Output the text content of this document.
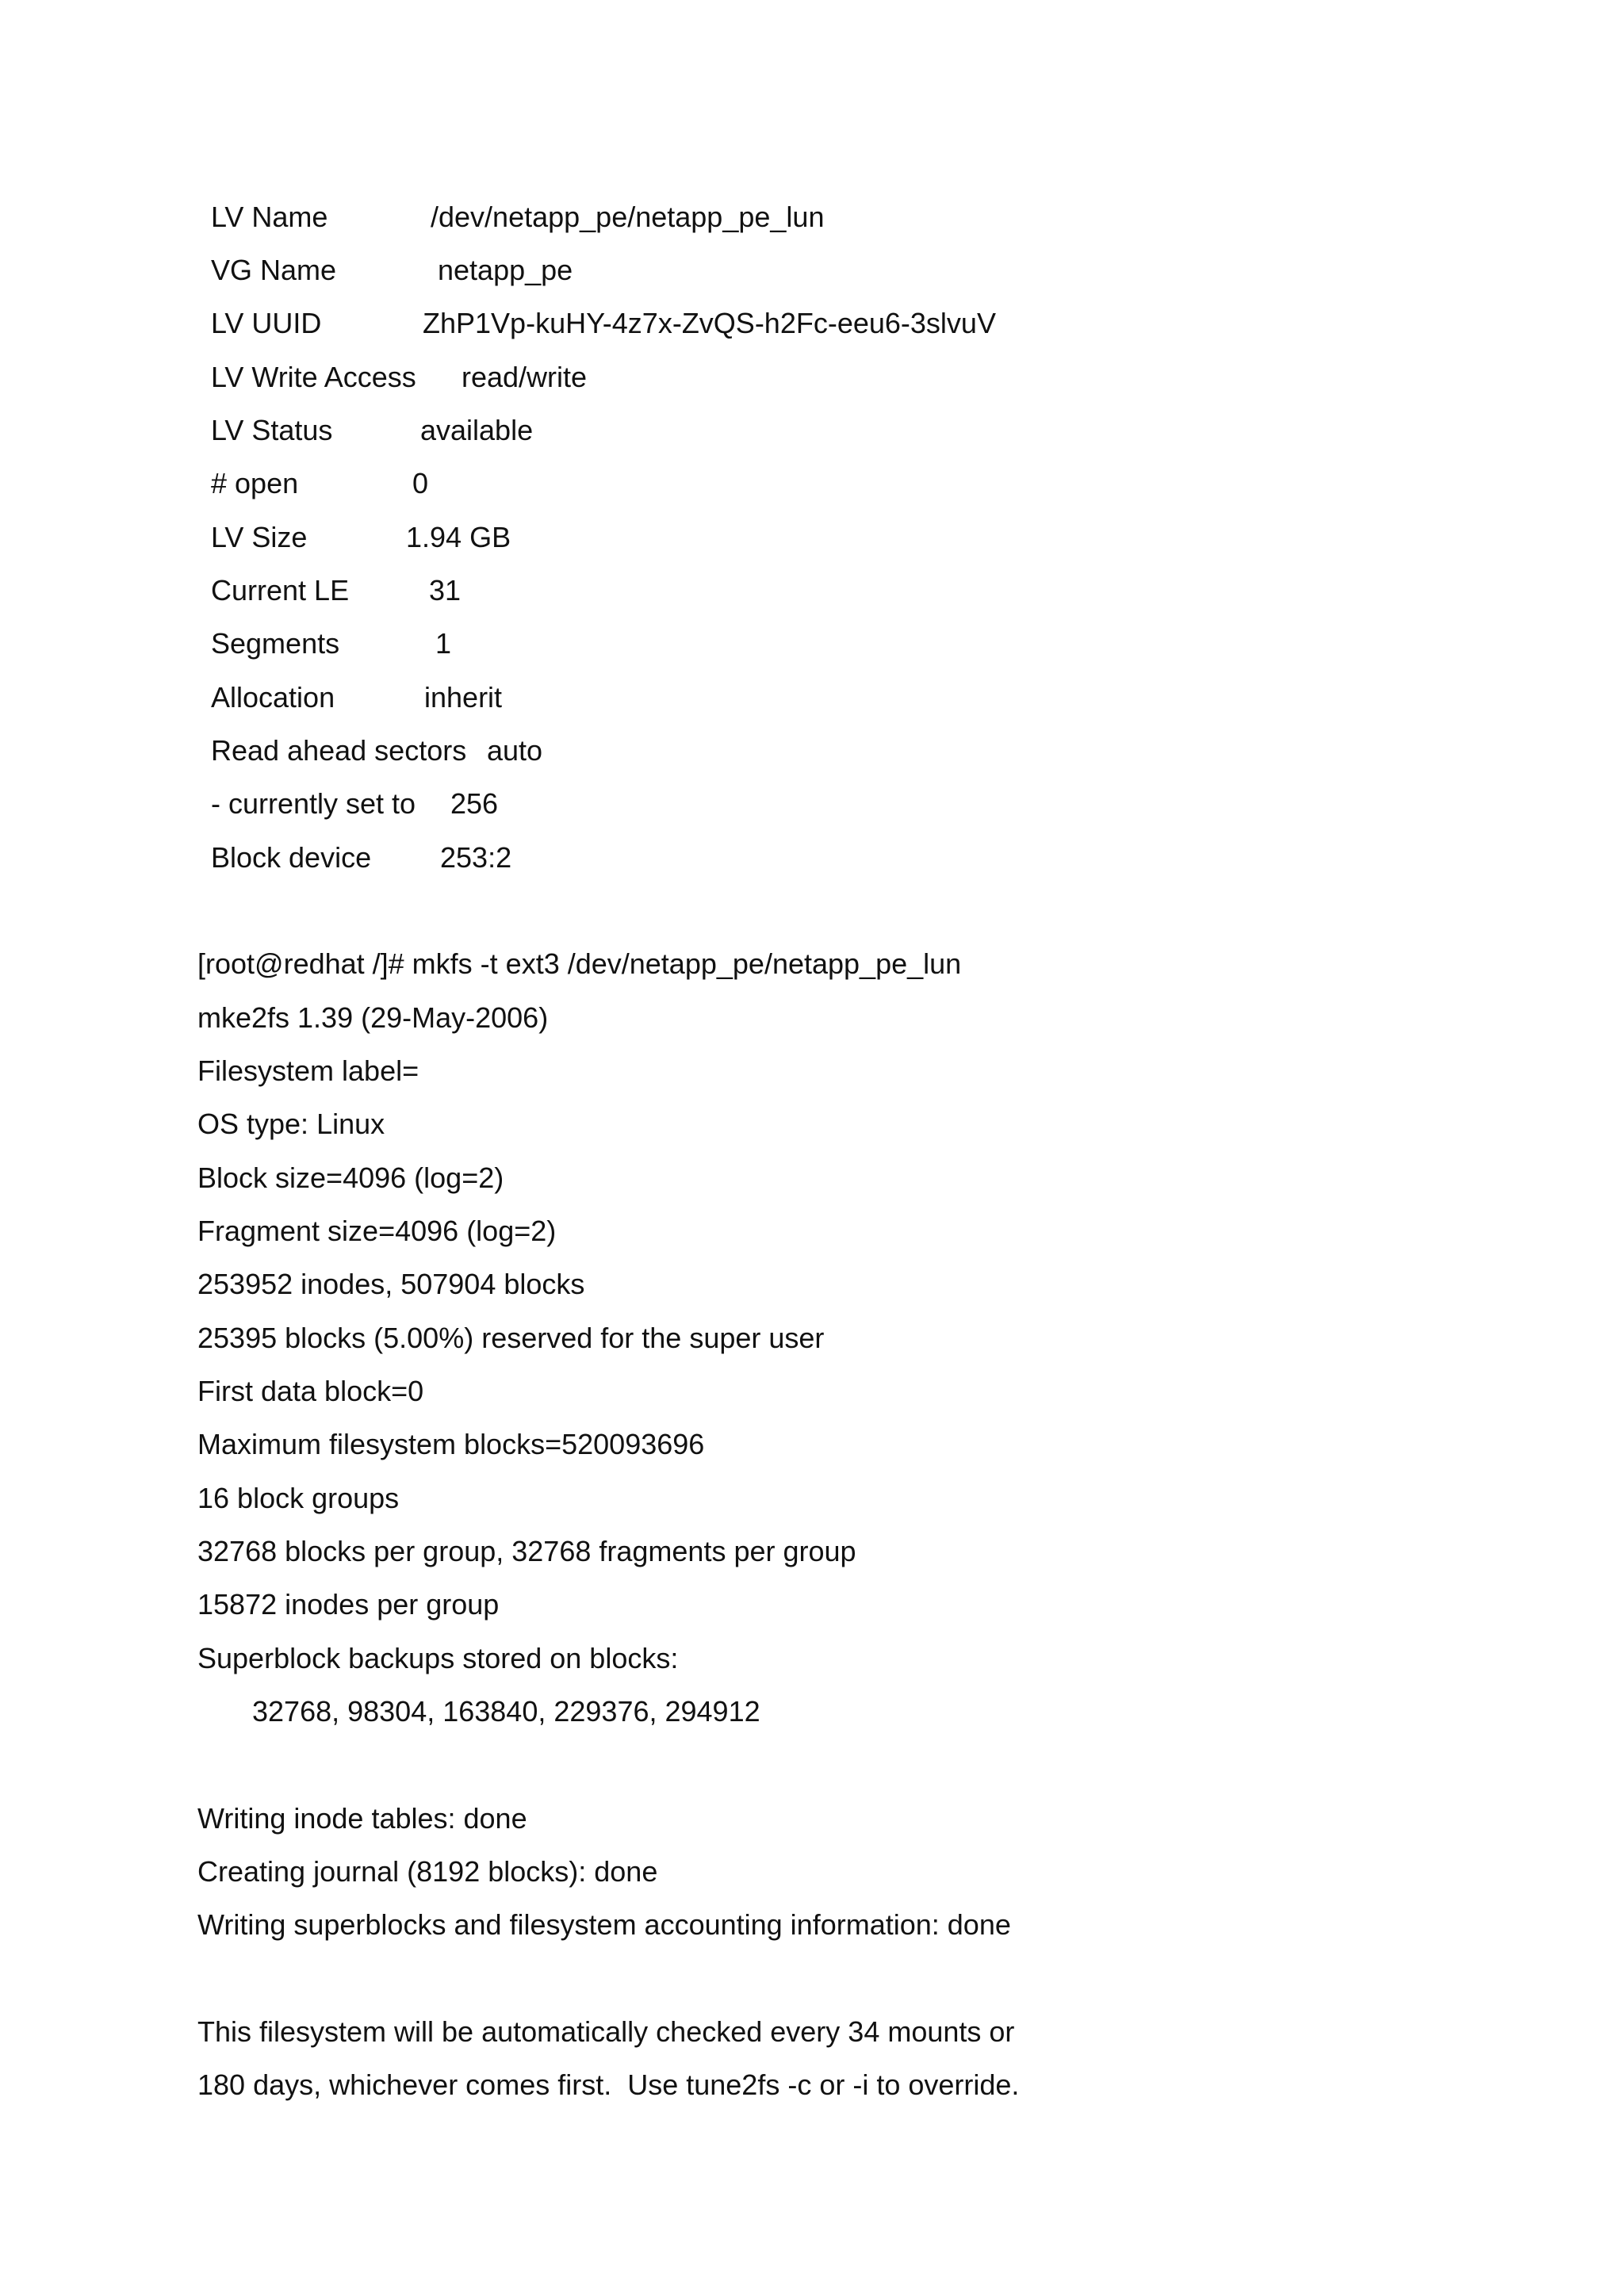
LV Name	/dev/netapp_pe/netapp_pe_lun
VG Name	netapp_pe
LV UUID	ZhP1Vp-kuHY-4z7x-ZvQS-h2Fc-eeu6-3slvuV
LV Write Access read/write
LV Status	available
# open	0
LV Size	1.94 GB
Current LE	31
Segments	1
Allocation	inherit
Read ahead sectors auto
- currently set to 256
Block device 253:2
[root@redhat /]# mkfs -t ext3 /dev/netapp_pe/netapp_pe_lun
mke2fs 1.39 (29-May-2006)
Filesystem label=
OS type: Linux
Block size=4096 (log=2)
Fragment size=4096 (log=2)
253952 inodes, 507904 blocks
25395 blocks (5.00%) reserved for the super user
First data block=0
Maximum filesystem blocks=520093696
16 block groups
32768 blocks per group, 32768 fragments per group
15872 inodes per group
Superblock backups stored on blocks:
32768, 98304, 163840, 229376, 294912
Writing inode tables: done
Creating journal (8192 blocks): done
Writing superblocks and filesystem accounting information: done
This filesystem will be automatically checked every 34 mounts or
180 days, whichever comes first.  Use tune2fs -c or -i to override.
